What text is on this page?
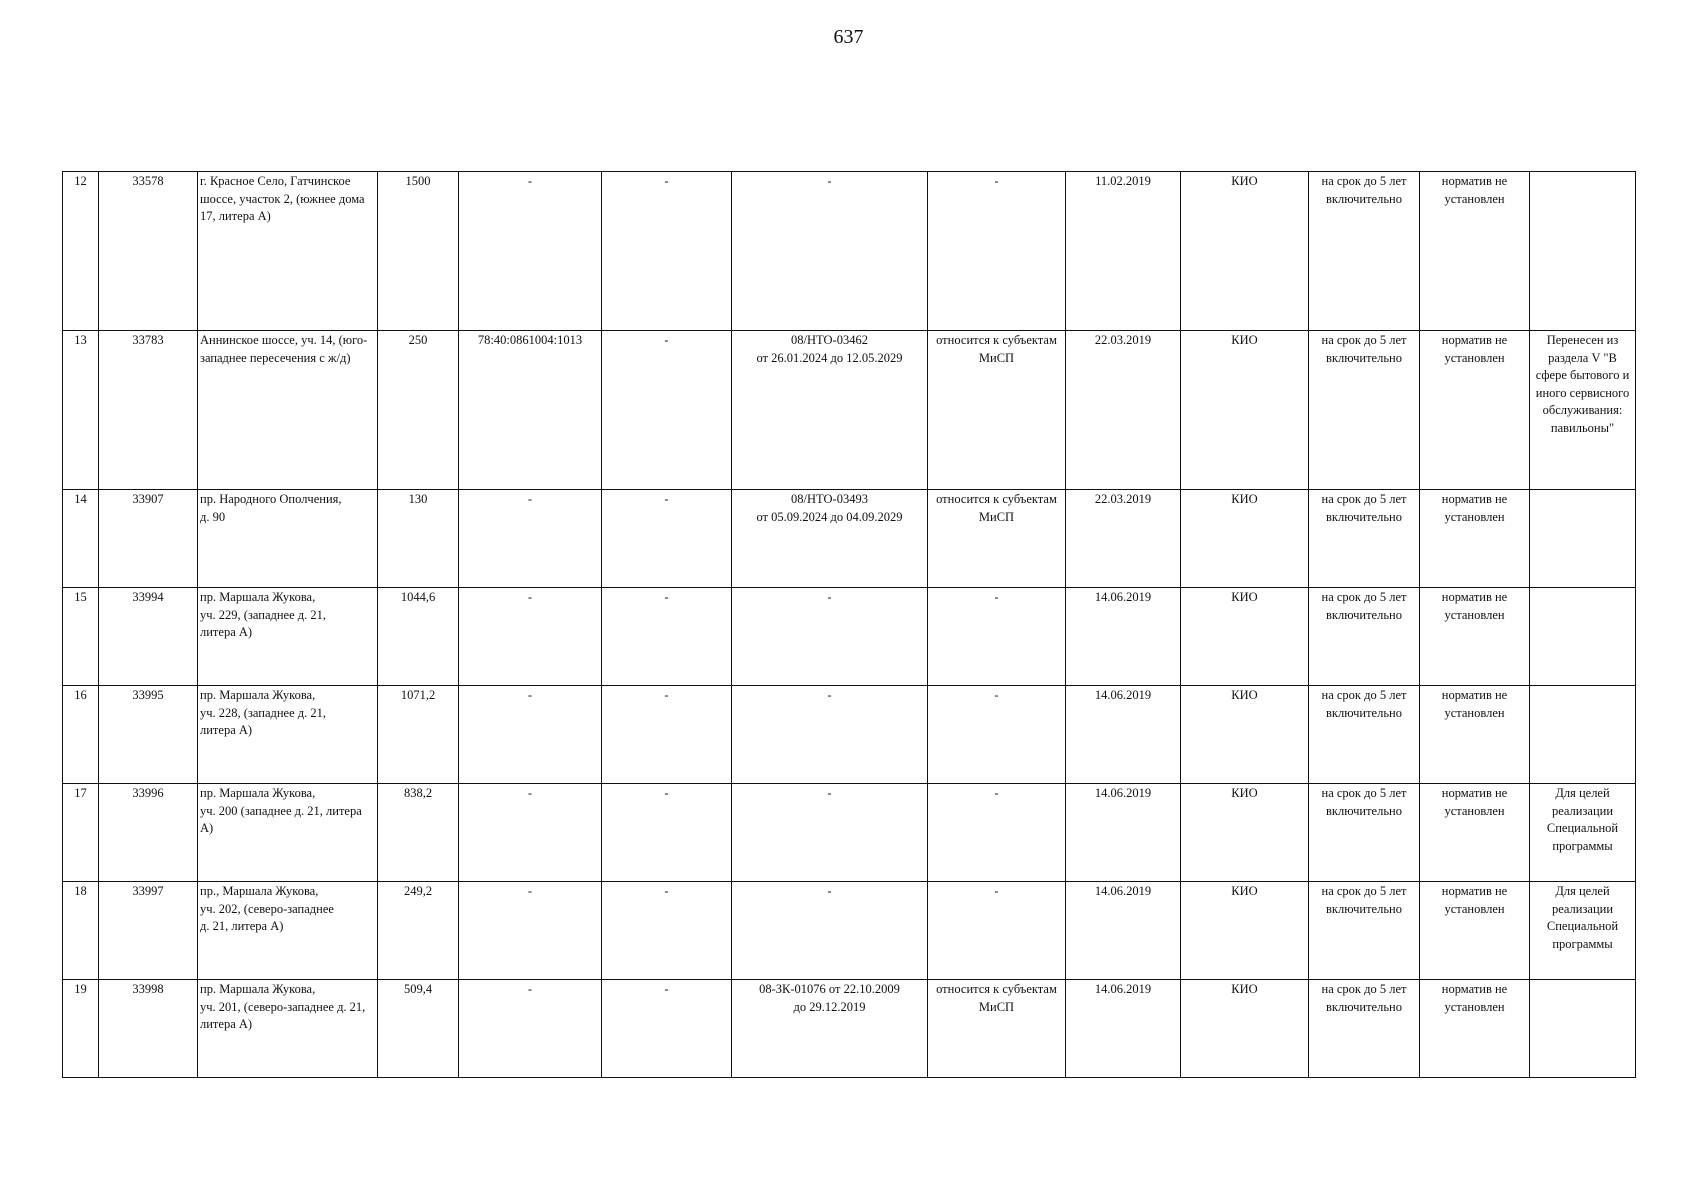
637
12	33578	г. Красное Село, Гатчинское шоссе, участок 2, (южнее дома 17, литера А)	1500	-	-	-	-	11.02.2019	КИО	на срок до 5 лет включительно	норматив не установлен	
13	33783	Аннинское шоссе, уч. 14, (юго-западнее пересечения с ж/д)	250	78:40:0861004:1013	-	08/НТО-03462
от 26.01.2024 до 12.05.2029	относится к субъектам МиСП	22.03.2019	КИО	на срок до 5 лет включительно	норматив не установлен	Перенесен из раздела V "В сфере бытового и иного сервисного обслуживания: павильоны"
14	33907	пр. Народного Ополчения,
д. 90	130	-	-	08/НТО-03493
от 05.09.2024 до 04.09.2029	относится к субъектам МиСП	22.03.2019	КИО	на срок до 5 лет включительно	норматив не установлен	
15	33994	пр. Маршала Жукова,
уч. 229, (западнее д. 21,
литера А)	1044,6	-	-	-	-	14.06.2019	КИО	на срок до 5 лет включительно	норматив не установлен	
16	33995	пр. Маршала Жукова,
уч. 228, (западнее д. 21,
литера А)	1071,2	-	-	-	-	14.06.2019	КИО	на срок до 5 лет включительно	норматив не установлен	
17	33996	пр. Маршала Жукова,
уч. 200 (западнее д. 21, литера А)	838,2	-	-	-	-	14.06.2019	КИО	на срок до 5 лет включительно	норматив не установлен	Для целей реализации Специальной программы
18	33997	пр., Маршала Жукова,
уч. 202, (северо-западнее
д. 21, литера А)	249,2	-	-	-	-	14.06.2019	КИО	на срок до 5 лет включительно	норматив не установлен	Для целей реализации Специальной программы
19	33998	пр. Маршала Жукова,
уч. 201, (северо-западнее д. 21, литера А)	509,4	-	-	08-ЗК-01076 от 22.10.2009
до 29.12.2019	относится к субъектам МиСП	14.06.2019	КИО	на срок до 5 лет включительно	норматив не установлен	
